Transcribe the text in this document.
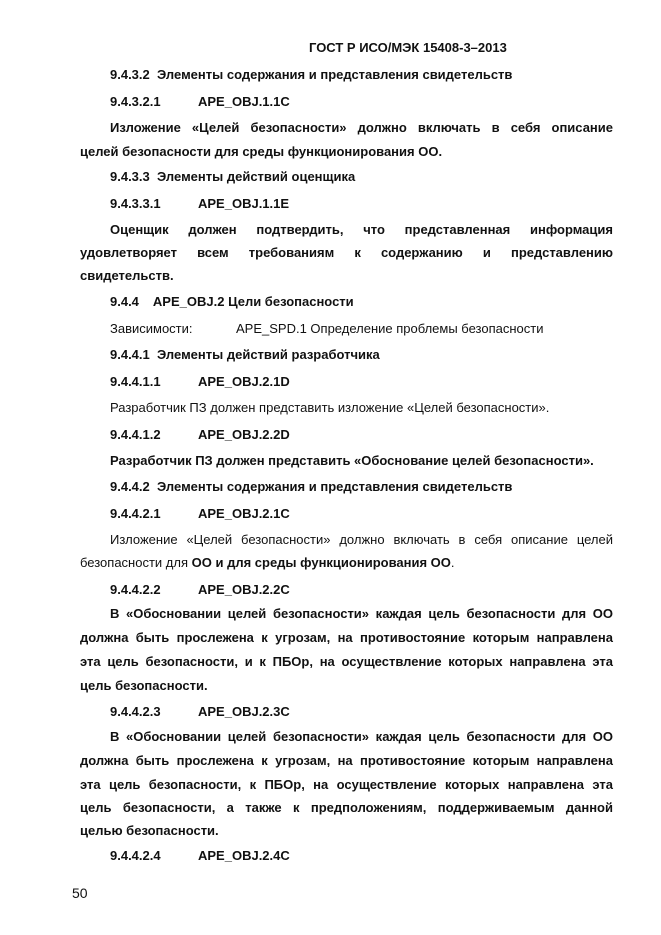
ГОСТ Р ИСО/МЭК 15408-3–2013
9.4.3.2 Элементы содержания и представления свидетельств
9.4.3.2.1	APE_OBJ.1.1C
Изложение «Целей безопасности» должно включать в себя описание
целей безопасности для среды функционирования ОО.
9.4.3.3 Элементы действий оценщика
9.4.3.3.1	APE_OBJ.1.1E
Оценщик должен подтвердить, что представленная информация
удовлетворяет всем требованиям к содержанию и представлению
свидетельств.
9.4.4 APE_OBJ.2 Цели безопасности
Зависимости:	APE_SPD.1 Определение проблемы безопасности
9.4.4.1 Элементы действий разработчика
9.4.4.1.1	APE_OBJ.2.1D
Разработчик ПЗ должен представить изложение «Целей безопасности».
9.4.4.1.2	APE_OBJ.2.2D
Разработчик ПЗ должен представить «Обоснование целей безопасности».
9.4.4.2 Элементы содержания и представления свидетельств
9.4.4.2.1	APE_OBJ.2.1C
Изложение «Целей безопасности» должно включать в себя описание целей
безопасности для ОО и для среды функционирования ОО.
9.4.4.2.2	APE_OBJ.2.2C
В «Обосновании целей безопасности» каждая цель безопасности для ОО
должна быть прослежена к угрозам, на противостояние которым направлена
эта цель безопасности, и к ПБОр, на осуществление которых направлена эта
цель безопасности.
9.4.4.2.3	APE_OBJ.2.3C
В «Обосновании целей безопасности» каждая цель безопасности для ОО
должна быть прослежена к угрозам, на противостояние которым направлена
эта цель безопасности, к ПБОр, на осуществление которых направлена эта
цель безопасности, а также к предположениям, поддерживаемым данной
целью безопасности.
9.4.4.2.4	APE_OBJ.2.4C
50
